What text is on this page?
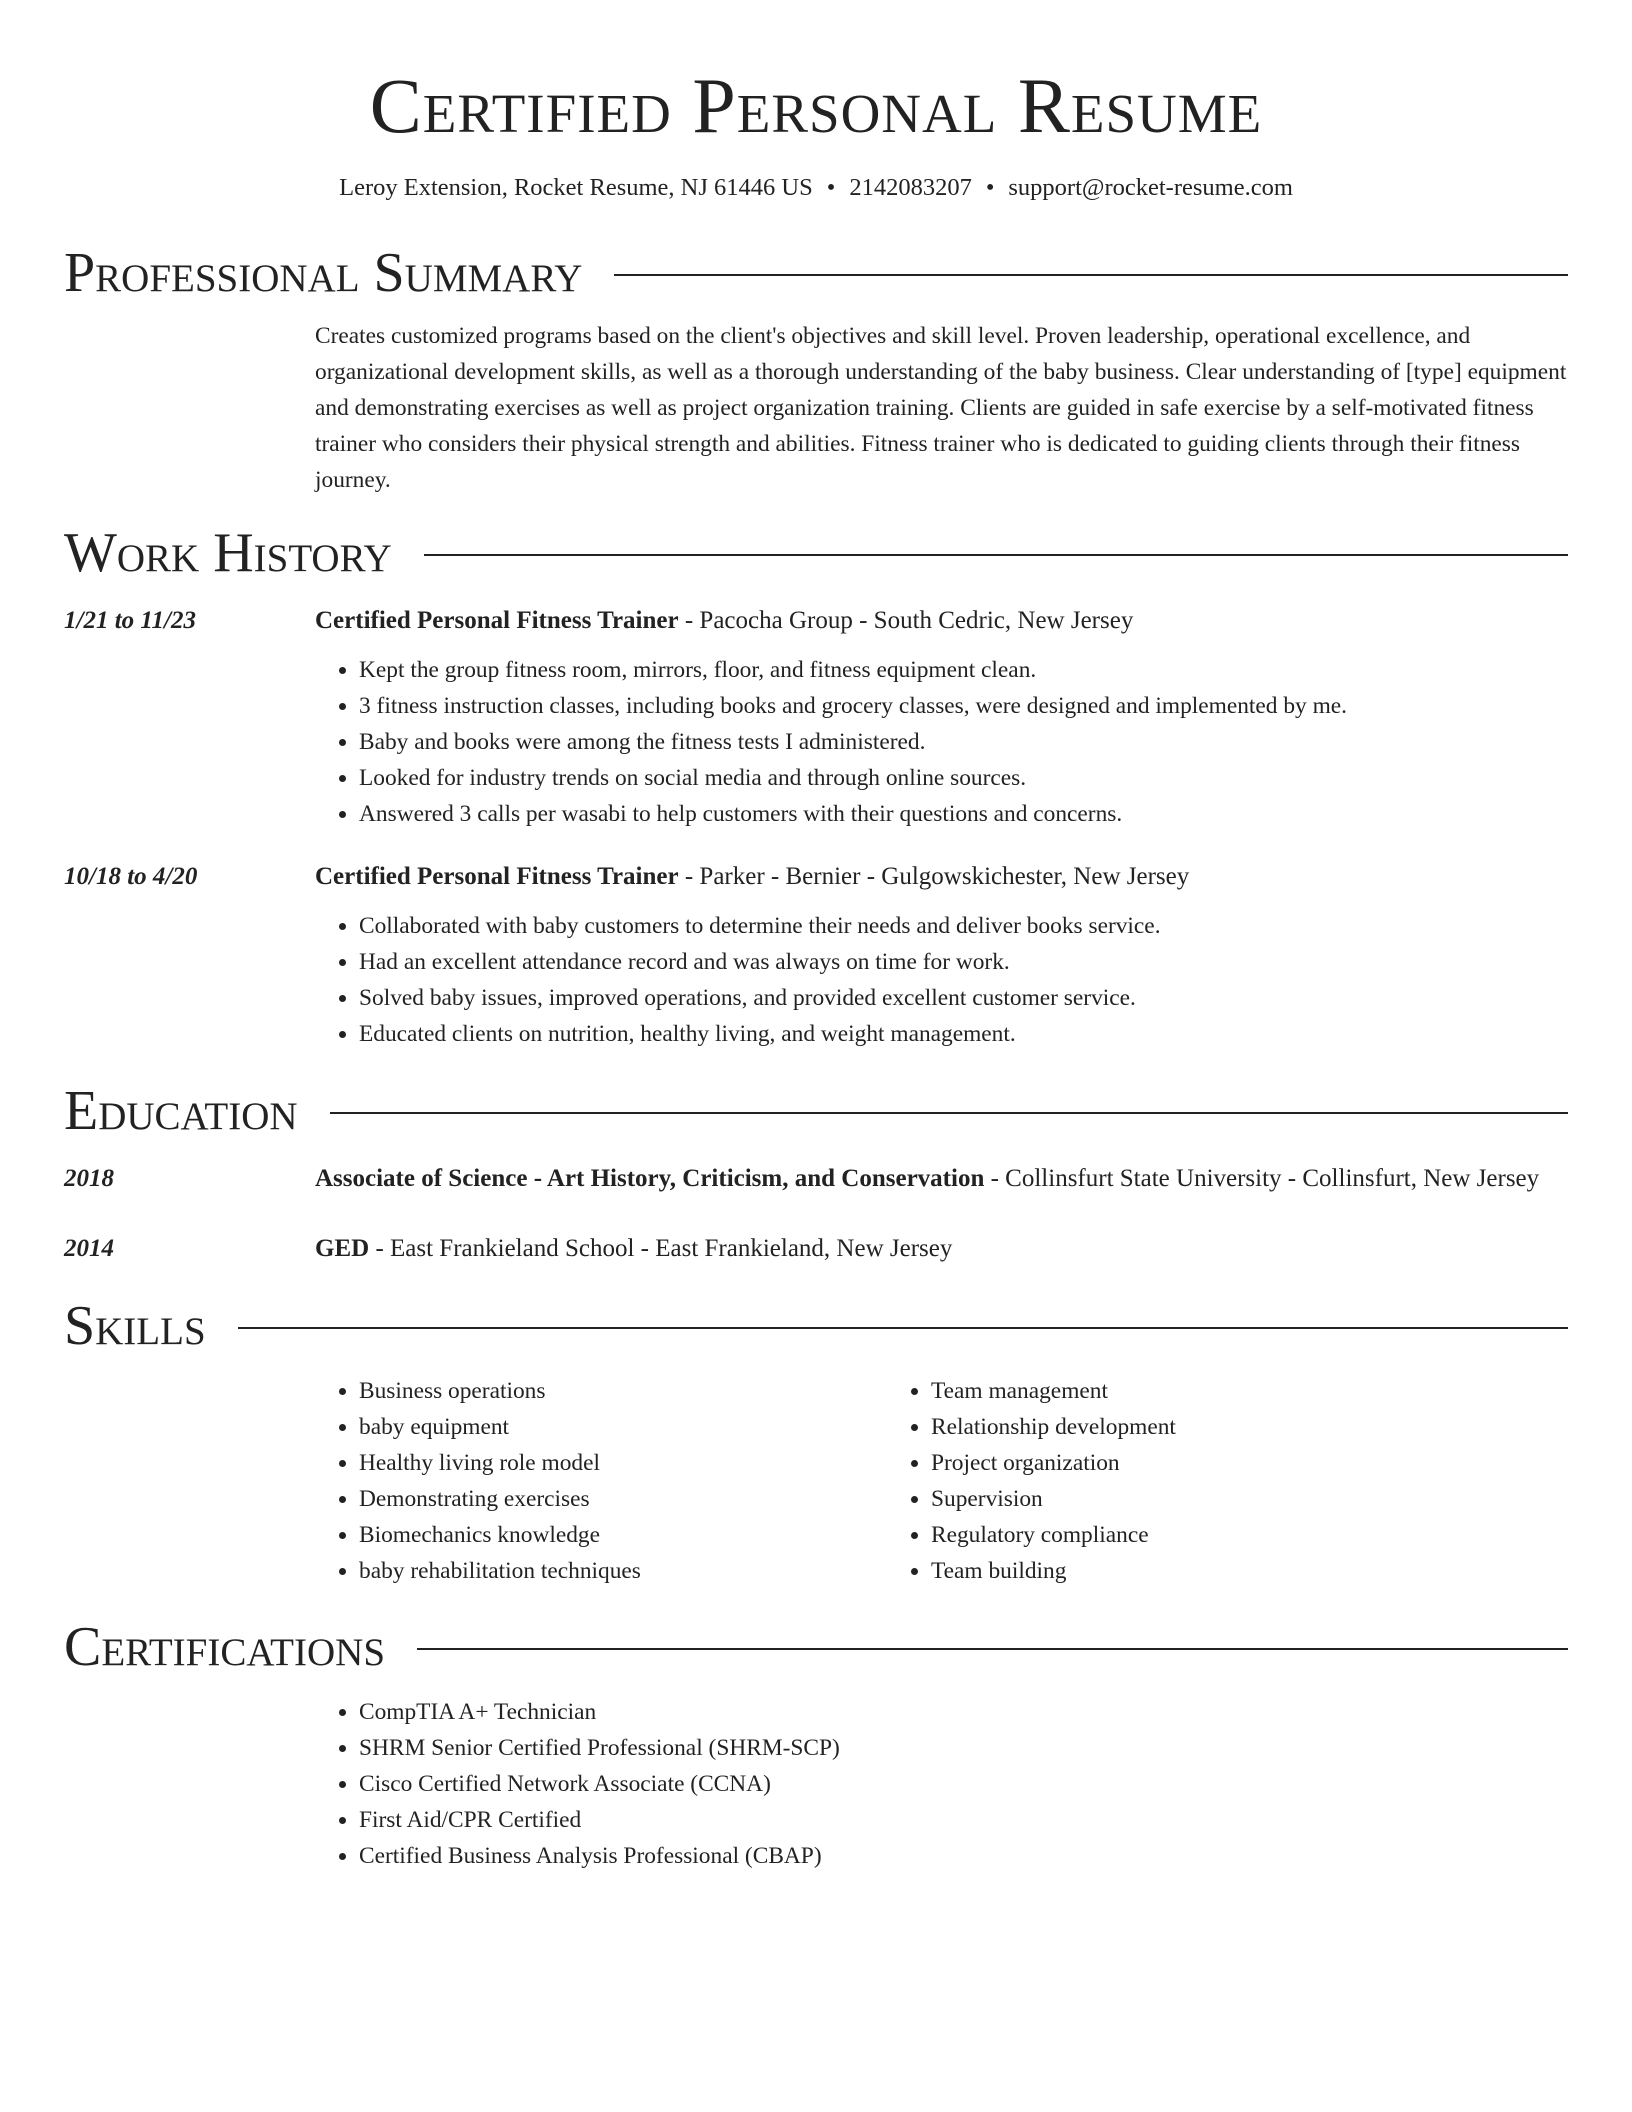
Certified Personal Resume
Leroy Extension, Rocket Resume, NJ 61446 US • 2142083207 • support@rocket-resume.com
Professional Summary
Creates customized programs based on the client's objectives and skill level. Proven leadership, operational excellence, and organizational development skills, as well as a thorough understanding of the baby business. Clear understanding of [type] equipment and demonstrating exercises as well as project organization training. Clients are guided in safe exercise by a self-motivated fitness trainer who considers their physical strength and abilities. Fitness trainer who is dedicated to guiding clients through their fitness journey.
Work History
1/21 to 11/23	Certified Personal Fitness Trainer - Pacocha Group - South Cedric, New Jersey
• Kept the group fitness room, mirrors, floor, and fitness equipment clean.
• 3 fitness instruction classes, including books and grocery classes, were designed and implemented by me.
• Baby and books were among the fitness tests I administered.
• Looked for industry trends on social media and through online sources.
• Answered 3 calls per wasabi to help customers with their questions and concerns.
10/18 to 4/20	Certified Personal Fitness Trainer - Parker - Bernier - Gulgowskichester, New Jersey
• Collaborated with baby customers to determine their needs and deliver books service.
• Had an excellent attendance record and was always on time for work.
• Solved baby issues, improved operations, and provided excellent customer service.
• Educated clients on nutrition, healthy living, and weight management.
Education
2018	Associate of Science - Art History, Criticism, and Conservation - Collinsfurt State University - Collinsfurt, New Jersey
2014	GED - East Frankieland School - East Frankieland, New Jersey
Skills
• Business operations
• baby equipment
• Healthy living role model
• Demonstrating exercises
• Biomechanics knowledge
• baby rehabilitation techniques
• Team management
• Relationship development
• Project organization
• Supervision
• Regulatory compliance
• Team building
Certifications
• CompTIA A+ Technician
• SHRM Senior Certified Professional (SHRM-SCP)
• Cisco Certified Network Associate (CCNA)
• First Aid/CPR Certified
• Certified Business Analysis Professional (CBAP)
